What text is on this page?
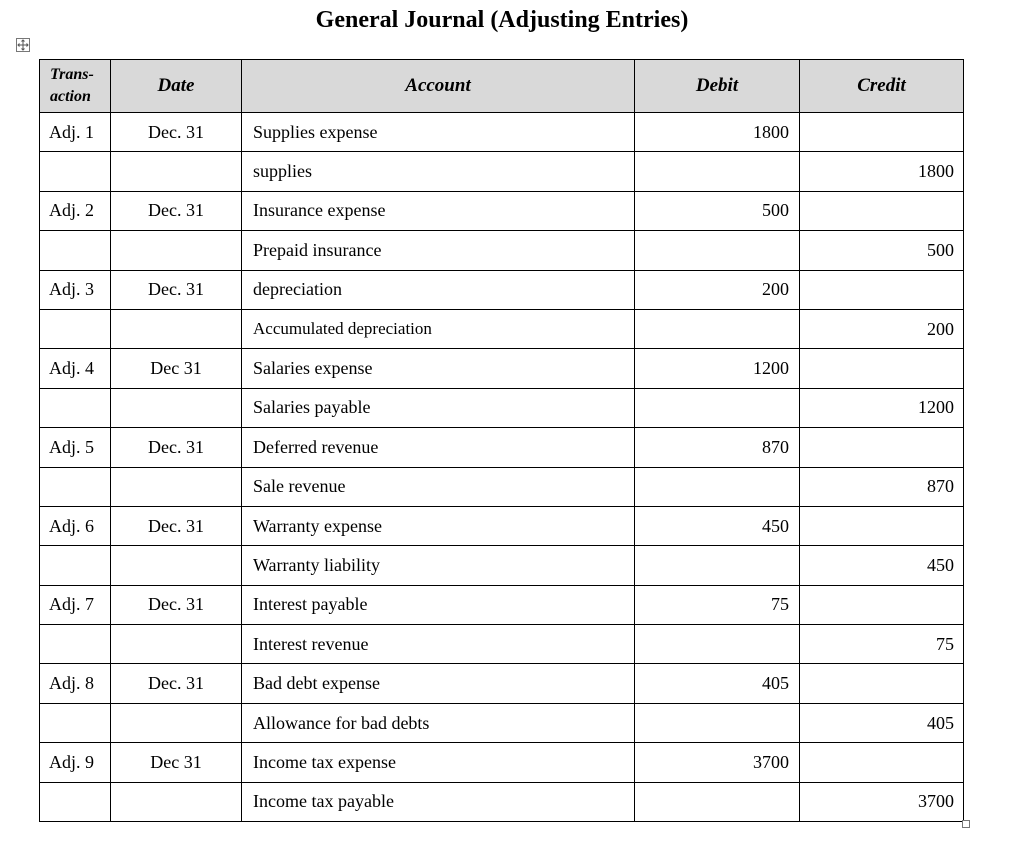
General Journal (Adjusting Entries)
Trans-
action	Date	Account	Debit	Credit
Adj. 1	Dec. 31	Supplies expense	1800	
		supplies		1800
Adj. 2	Dec. 31	Insurance expense	500	
		Prepaid insurance		500
Adj. 3	Dec. 31	depreciation	200	
		Accumulated depreciation		200
Adj. 4	Dec 31	Salaries expense	1200	
		Salaries payable		1200
Adj. 5	Dec. 31	Deferred revenue	870	
		Sale revenue		870
Adj. 6	Dec. 31	Warranty expense	450	
		Warranty liability		450
Adj. 7	Dec. 31	Interest payable	75	
		Interest revenue		75
Adj. 8	Dec. 31	Bad debt expense	405	
		Allowance for bad debts		405
Adj. 9	Dec 31	Income tax expense	3700	
		Income tax payable		3700
